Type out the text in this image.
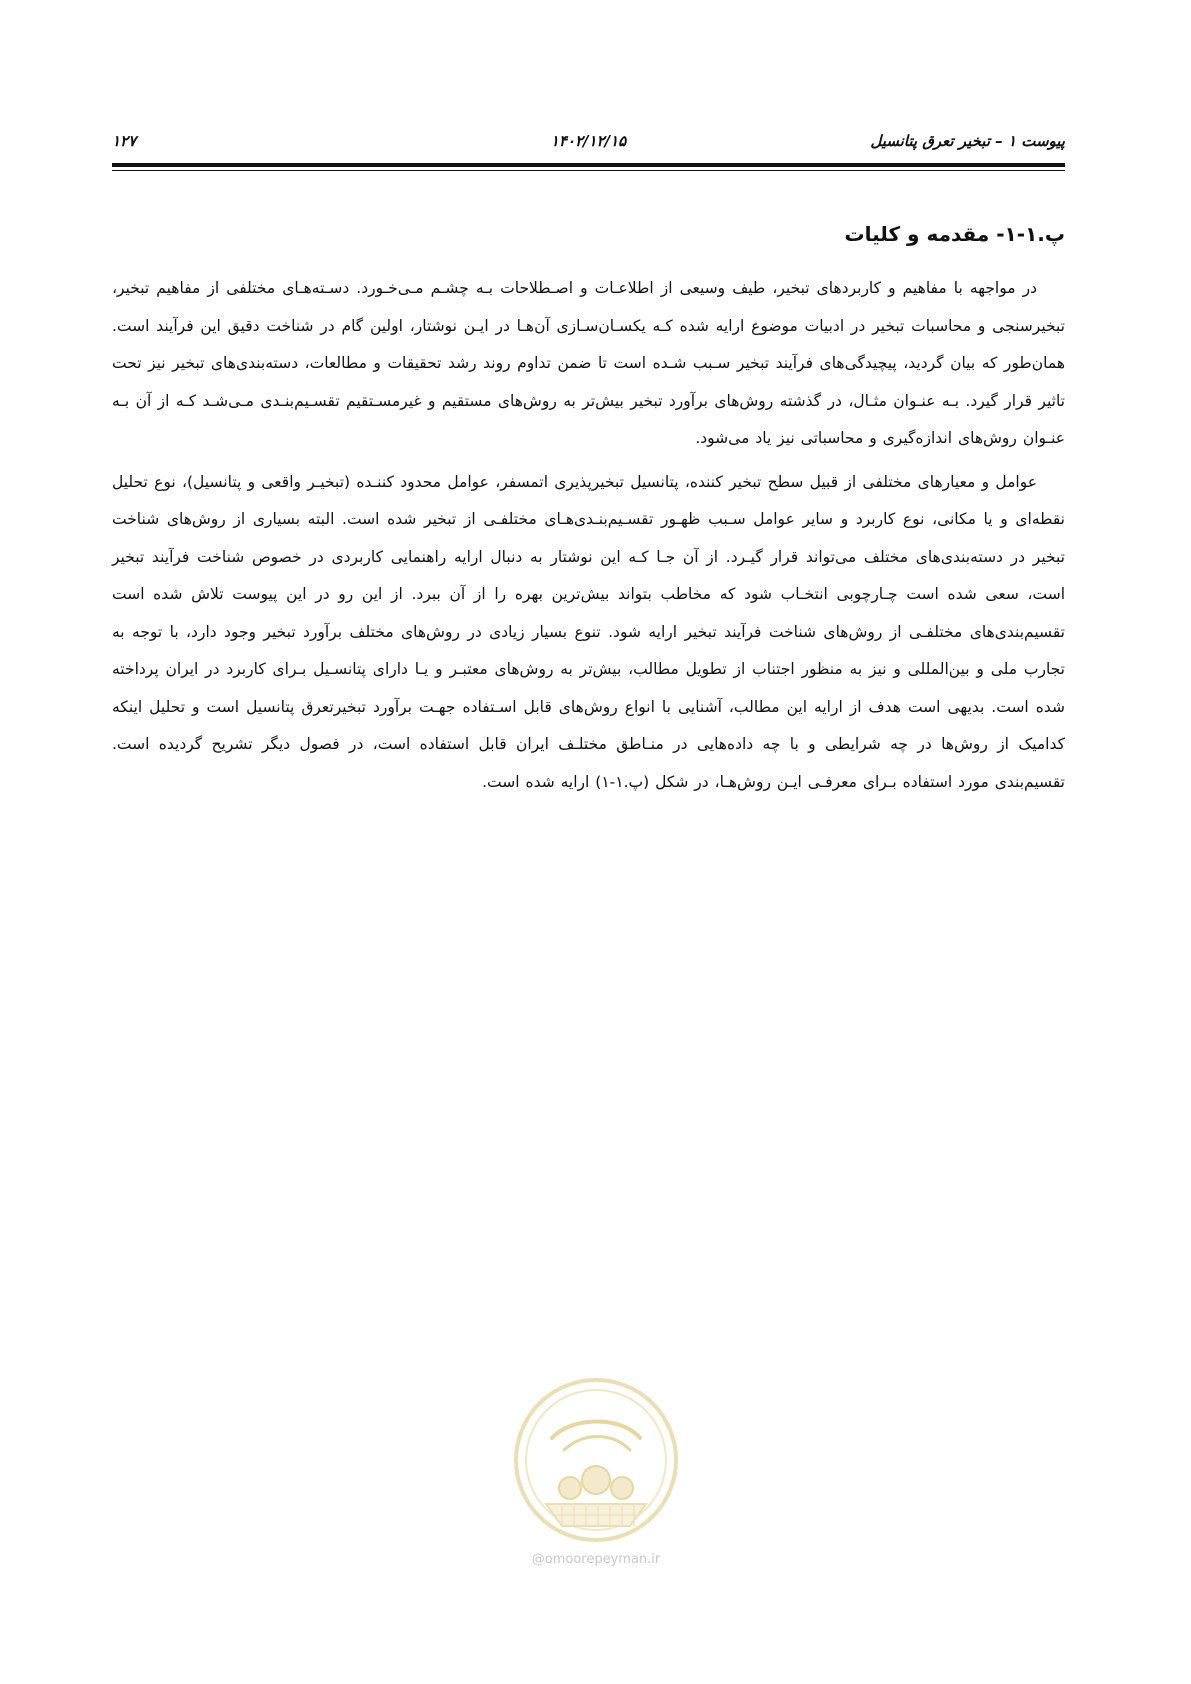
پیوست ۱ – تبخیر تعرق پتانسیل
۱۴۰۲/۱۲/۱۵
۱۲۷
پ.۱-۱- مقدمه و کلیات

در مواجهه با مفاهیم و کاربردهای تبخیر، طیف وسیعی از اطلاعـات و اصـطلاحات بـه چشـم مـی‌خـورد. دسـته‌هـای مختلفی از مفاهیم تبخیر، تبخیرسنجی و محاسبات تبخیر در ادبیات موضوع ارایه شده کـه یکسـان‌سـازی آن‌هـا در ایـن نوشتار، اولین گام در شناخت دقیق این فرآیند است. همان‌طور که بیان گردید، پیچیدگی‌های فرآیند تبخیر سـبب شـده است تا ضمن تداوم روند رشد تحقیقات و مطالعات، دسته‌بندی‌های تبخیر نیز تحت تاثیر قرار گیرد. بـه عنـوان مثـال، در گذشته روش‌های برآورد تبخیر بیش‌تر به روش‌های مستقیم و غیرمسـتقیم تقسـیم‌بنـدی مـی‌شـد کـه از آن بـه عنـوان روش‌های اندازه‌گیری و محاسباتی نیز یاد می‌شود.

عوامل و معیارهای مختلفی از قبیل سطح تبخیر کننده، پتانسیل تبخیرپذیری اتمسفر، عوامل محدود کننـده (تبخیـر واقعی و پتانسیل)، نوع تحلیل نقطه‌ای و یا مکانی، نوع کاربرد و سایر عوامل سـبب ظهـور تقسـیم‌بنـدی‌هـای مختلفـی از تبخیر شده است. البته بسیاری از روش‌های شناخت تبخیر در دسته‌بندی‌های مختلف می‌تواند قرار گیـرد. از آن جـا کـه این نوشتار به دنبال ارایه راهنمایی کاربردی در خصوص شناخت فرآیند تبخیر است، سعی شده است چـارچوبی انتخـاب شود که مخاطب بتواند بیش‌ترین بهره را از آن ببرد. از این رو در این پیوست تلاش شده است تقسیم‌بندی‌های مختلفـی از روش‌های شناخت فرآیند تبخیر ارایه شود. تنوع بسیار زیادی در روش‌های مختلف برآورد تبخیر وجود دارد، با توجه به تجارب ملی و بین‌المللی و نیز به منظور اجتناب از تطویل مطالب، بیش‌تر به روش‌های معتبـر و یـا دارای پتانسـیل بـرای کاربرد در ایران پرداخته شده است. بدیهی است هدف از ارایه این مطالب، آشنایی با انواع روش‌های قابل اسـتفاده جهـت برآورد تبخیرتعرق پتانسیل است و تحلیل اینکه کدامیک از روش‌ها در چه شرایطی و با چه داده‌هایی در منـاطق مختلـف ایران قابل استفاده است، در فصول دیگر تشریح گردیده است. تقسیم‌بندی مورد استفاده بـرای معرفـی ایـن روش‌هـا، در شکل (پ.۱-۱) ارایه شده است.

@omoorepeyman.ir
